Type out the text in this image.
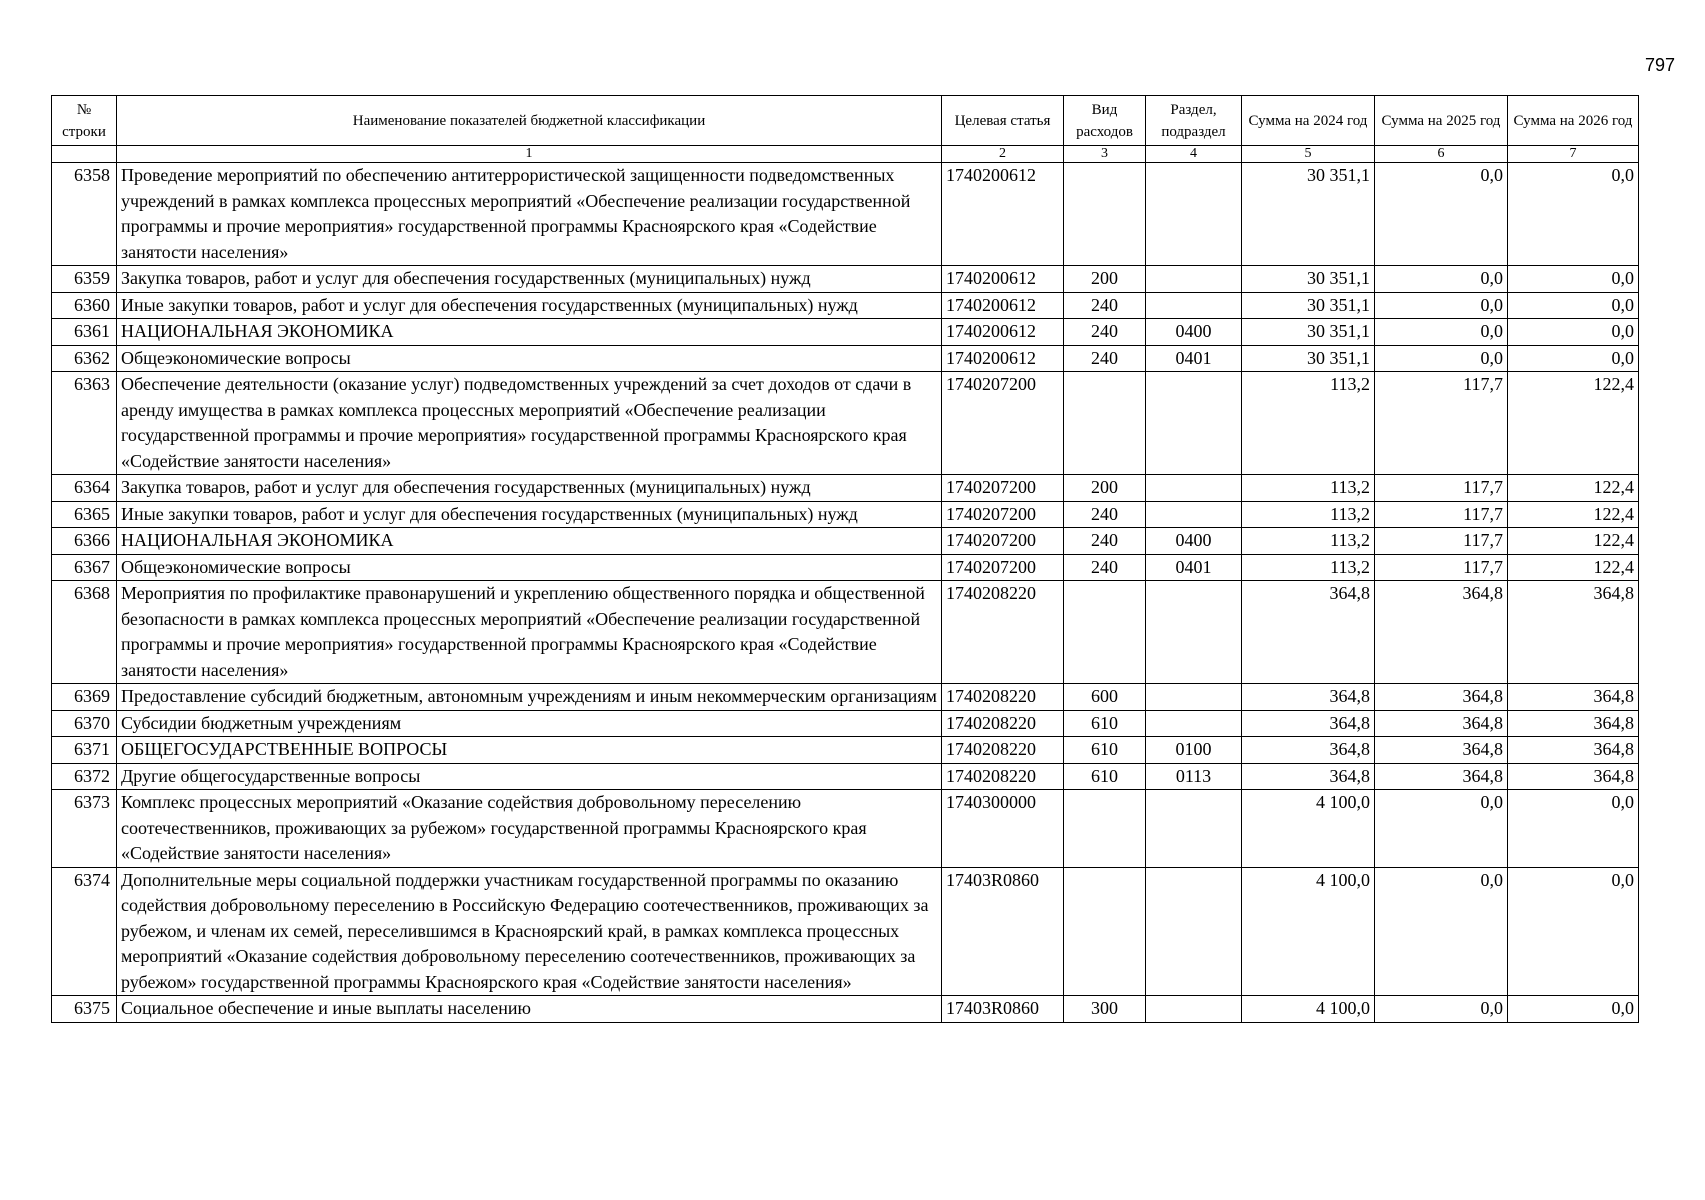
797
№ строки	Наименование показателей бюджетной классификации	Целевая статья	Вид расходов	Раздел, подраздел	Сумма на 2024 год	Сумма на 2025 год	Сумма на 2026 год
	1	2	3	4	5	6	7
6358	Проведение мероприятий по обеспечению антитеррористической защищенности подведомственных учреждений в рамках комплекса процессных мероприятий «Обеспечение реализации государственной программы и прочие мероприятия» государственной программы Красноярского края «Содействие занятости населения»	1740200612			30 351,1	0,0	0,0
6359	Закупка товаров, работ и услуг для обеспечения государственных (муниципальных) нужд	1740200612	200		30 351,1	0,0	0,0
6360	Иные закупки товаров, работ и услуг для обеспечения государственных (муниципальных) нужд	1740200612	240		30 351,1	0,0	0,0
6361	НАЦИОНАЛЬНАЯ ЭКОНОМИКА	1740200612	240	0400	30 351,1	0,0	0,0
6362	Общеэкономические вопросы	1740200612	240	0401	30 351,1	0,0	0,0
6363	Обеспечение деятельности (оказание услуг) подведомственных учреждений за счет доходов от сдачи в аренду имущества в рамках комплекса процессных мероприятий «Обеспечение реализации государственной программы и прочие мероприятия» государственной программы Красноярского края «Содействие занятости населения»	1740207200			113,2	117,7	122,4
6364	Закупка товаров, работ и услуг для обеспечения государственных (муниципальных) нужд	1740207200	200		113,2	117,7	122,4
6365	Иные закупки товаров, работ и услуг для обеспечения государственных (муниципальных) нужд	1740207200	240		113,2	117,7	122,4
6366	НАЦИОНАЛЬНАЯ ЭКОНОМИКА	1740207200	240	0400	113,2	117,7	122,4
6367	Общеэкономические вопросы	1740207200	240	0401	113,2	117,7	122,4
6368	Мероприятия по профилактике правонарушений и укреплению общественного порядка и общественной безопасности в рамках комплекса процессных мероприятий «Обеспечение реализации государственной программы и прочие мероприятия» государственной программы Красноярского края «Содействие занятости населения»	1740208220			364,8	364,8	364,8
6369	Предоставление субсидий бюджетным, автономным учреждениям и иным некоммерческим организациям	1740208220	600		364,8	364,8	364,8
6370	Субсидии бюджетным учреждениям	1740208220	610		364,8	364,8	364,8
6371	ОБЩЕГОСУДАРСТВЕННЫЕ ВОПРОСЫ	1740208220	610	0100	364,8	364,8	364,8
6372	Другие общегосударственные вопросы	1740208220	610	0113	364,8	364,8	364,8
6373	Комплекс процессных мероприятий «Оказание содействия добровольному переселению соотечественников, проживающих за рубежом» государственной программы Красноярского края «Содействие занятости населения»	1740300000			4 100,0	0,0	0,0
6374	Дополнительные меры социальной поддержки участникам государственной программы по оказанию содействия добровольному переселению в Российскую Федерацию соотечественников, проживающих за рубежом, и членам их семей, переселившимся в Красноярский край, в рамках комплекса процессных мероприятий «Оказание содействия добровольному переселению соотечественников, проживающих за рубежом» государственной программы Красноярского края «Содействие занятости населения»	17403R0860			4 100,0	0,0	0,0
6375	Социальное обеспечение и иные выплаты населению	17403R0860	300		4 100,0	0,0	0,0
